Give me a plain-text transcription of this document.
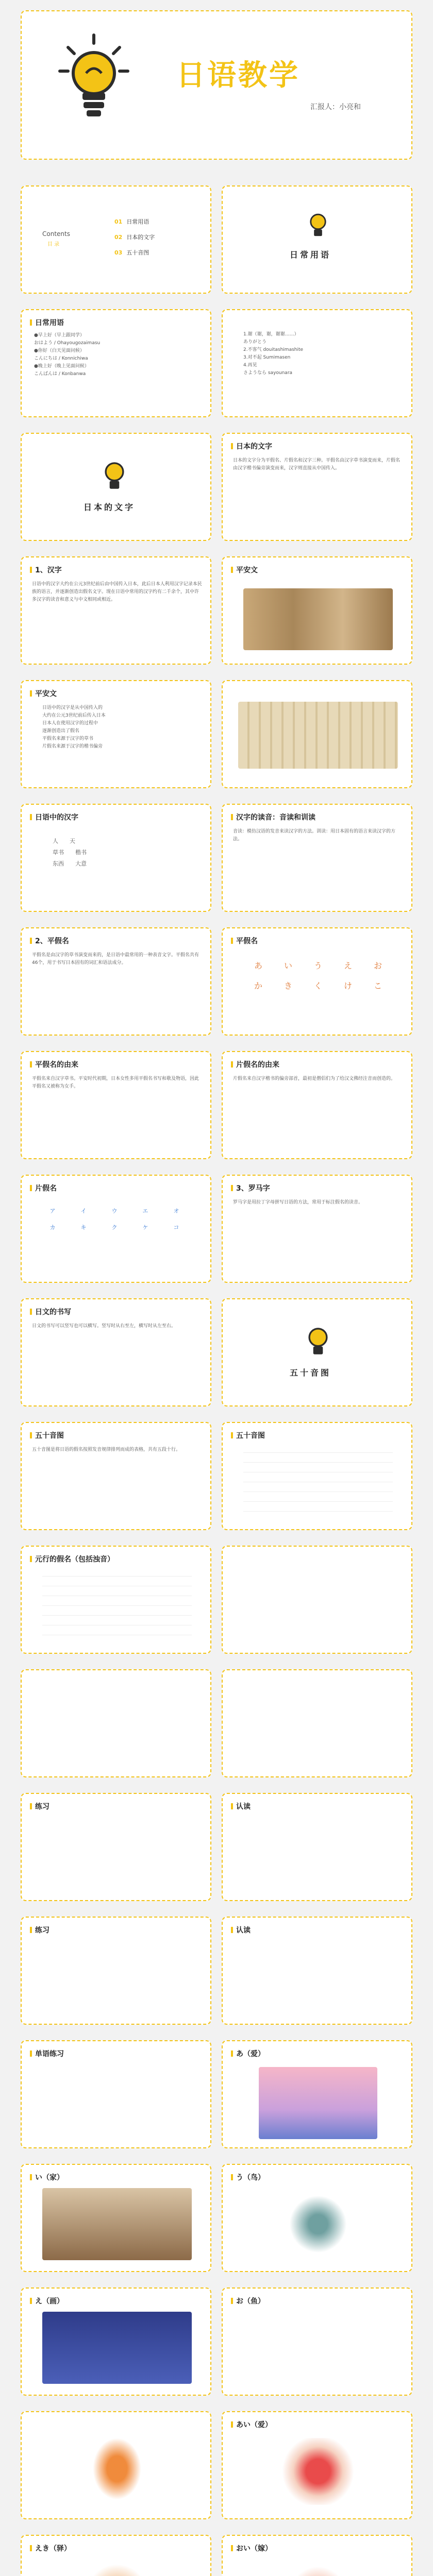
日语教学
汇报人：小亮和
Contents
目 录
01 日常用语
02 日本的文字
03 五十音图	日常用语
日常用语
●早上好（早上跟同学）
おはよう / Ohayougozaimasu
●你好（白天见面问候）
こんにちは / Konnichiwa
●晚上好（晚上见面问候）
こんばんは / Konbanwa
1.谢（谢，谢，谢谢……）
ありがとう
2.不客气 douitashimashite
3.对不起 Sumimasen
4.再见
さようなら sayounara
日本的文字
日本的文字
日本的文字分为平假名、片假名和汉字三种。平假名由汉字草书演变而来，片假名由汉字楷书偏旁演变而来，汉字则直接从中国传入。
1、汉字
日语中的汉字大约在公元3世纪前后由中国传入日本，此后日本人利用汉字记录本民族的语言，并逐渐创造出假名文字。现在日语中常用的汉字约有二千余个，其中许多汉字的读音和意义与中文相同或相近。
平安文
平安文
日语中的汉字是从中国传入的
大约在公元3世纪前后传入日本
日本人在使用汉字的过程中
逐渐创造出了假名
平假名来源于汉字的草书
片假名来源于汉字的楷书偏旁
日语中的汉字
人　　 天
草书　　 楷书
东西　　 大意
汉字的读音：音读和训读
音读：模仿汉语的发音来读汉字的方法。训读：用日本固有的语言来读汉字的方法。
2、平假名
平假名是由汉字的草书演变而来的，是日语中最常用的一种表音文字。平假名共有46个，用于书写日本固有的词汇和语法成分。
平假名
あ	い	う	え	お
か	き	く	け	こ
平假名的由来
平假名来自汉字草书。平安时代初期，日本女性多用平假名书写和歌及物语，因此平假名又被称为女手。
片假名的由来
片假名来自汉字楷书的偏旁部首，最初是僧侣们为了给汉文佛经注音而创造的。
片假名
ア	イ	ウ	エ	オ
カ	キ	ク	ケ	コ
3、罗马字
罗马字是用拉丁字母拼写日语的方法，常用于标注假名的读音。
日文的书写
日文的书写可以竖写也可以横写。竖写时从右至左，横写时从左至右。
五十音图
五十音图
五十音图是将日语的假名按照发音规律排列而成的表格，共有五段十行。
五十音图
元行的假名（包括浊音）
练习	认读
练习	认读
单语练习	あ（爱）
い（家）	う（鸟）
え（画）	お（鱼）
あい（爱）
えき（驿）	おい（嫁）
